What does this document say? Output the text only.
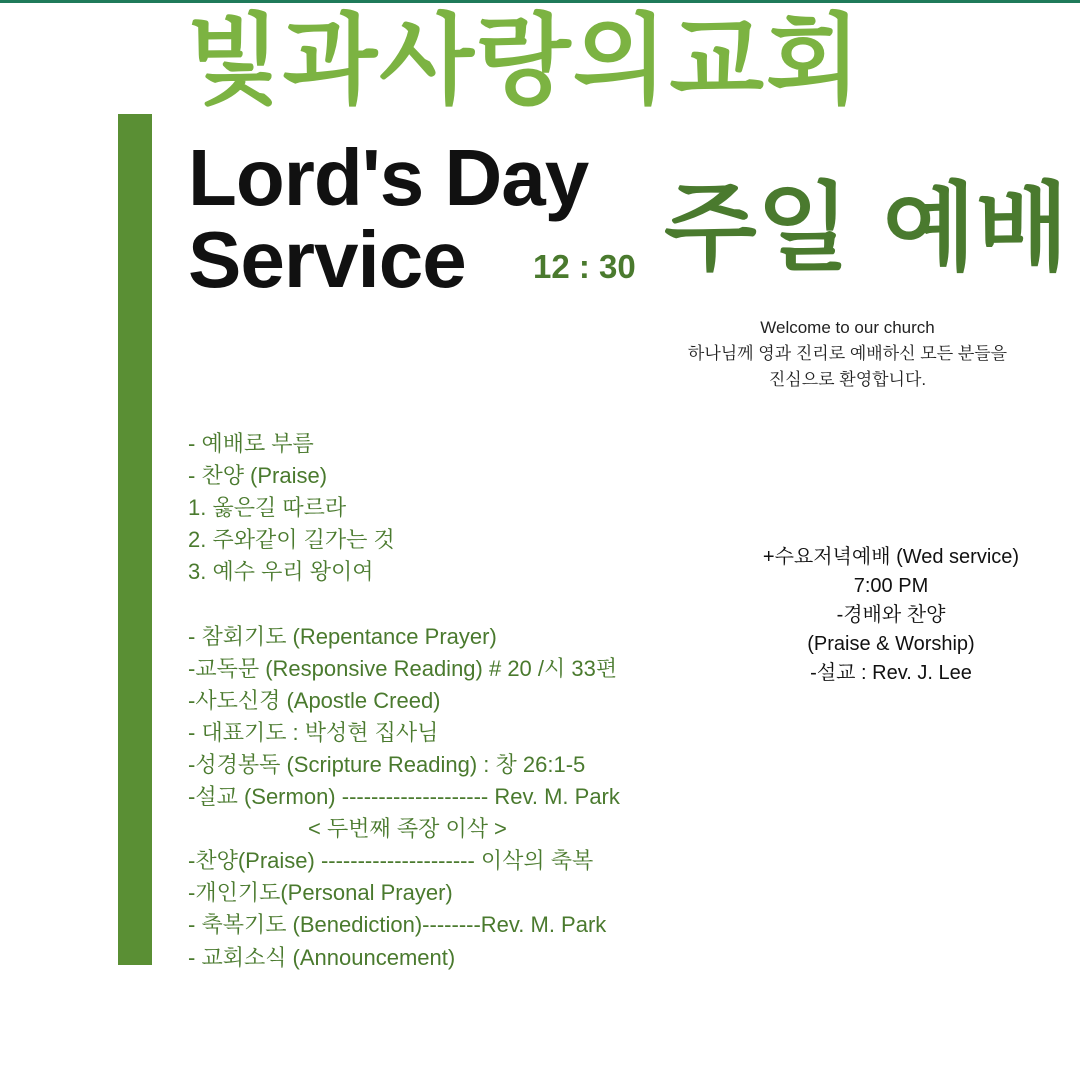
빛과사랑의교회
Lord's Day
Service 12 : 30 주일 예배
Welcome to our church
하나님께 영과 진리로 예배하신 모든 분들을
진심으로 환영합니다.
- 예배로 부름
- 찬양 (Praise)
1. 옳은길 따르라
2. 주와같이 길가는 것
3. 예수 우리 왕이여
- 참회기도 (Repentance Prayer)
-교독문 (Responsive Reading) # 20 /시 33편
-사도신경 (Apostle Creed)
- 대표기도 : 박성현 집사님
-성경봉독 (Scripture Reading) : 창 26:1-5
-설교 (Sermon) -------------------- Rev. M. Park
< 두번째 족장 이삭 >
-찬양(Praise) --------------------- 이삭의 축복
-개인기도(Personal Prayer)
- 축복기도 (Benediction)--------Rev. M. Park
- 교회소식 (Announcement)
+수요저녁예배 (Wed service)
7:00 PM
-경배와 찬양
(Praise & Worship)
-설교 : Rev. J. Lee
